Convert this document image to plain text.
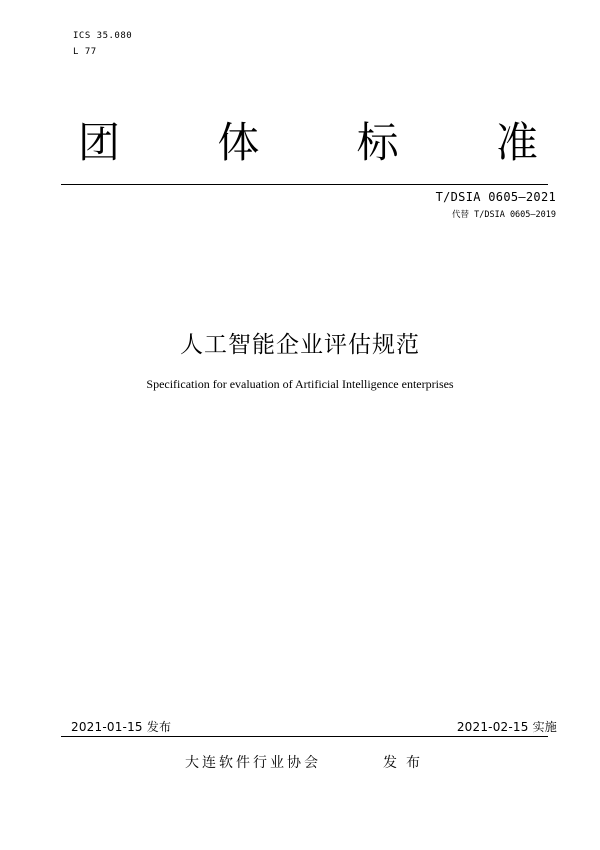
ICS 35.080
L 77
团 体 标 准
T/DSIA 0605—2021
代替 T/DSIA 0605—2019
人工智能企业评估规范
Specification for evaluation of Artificial Intelligence enterprises
2021-01-15 发布	2021-02-15 实施
大连软件行业协会	发布
